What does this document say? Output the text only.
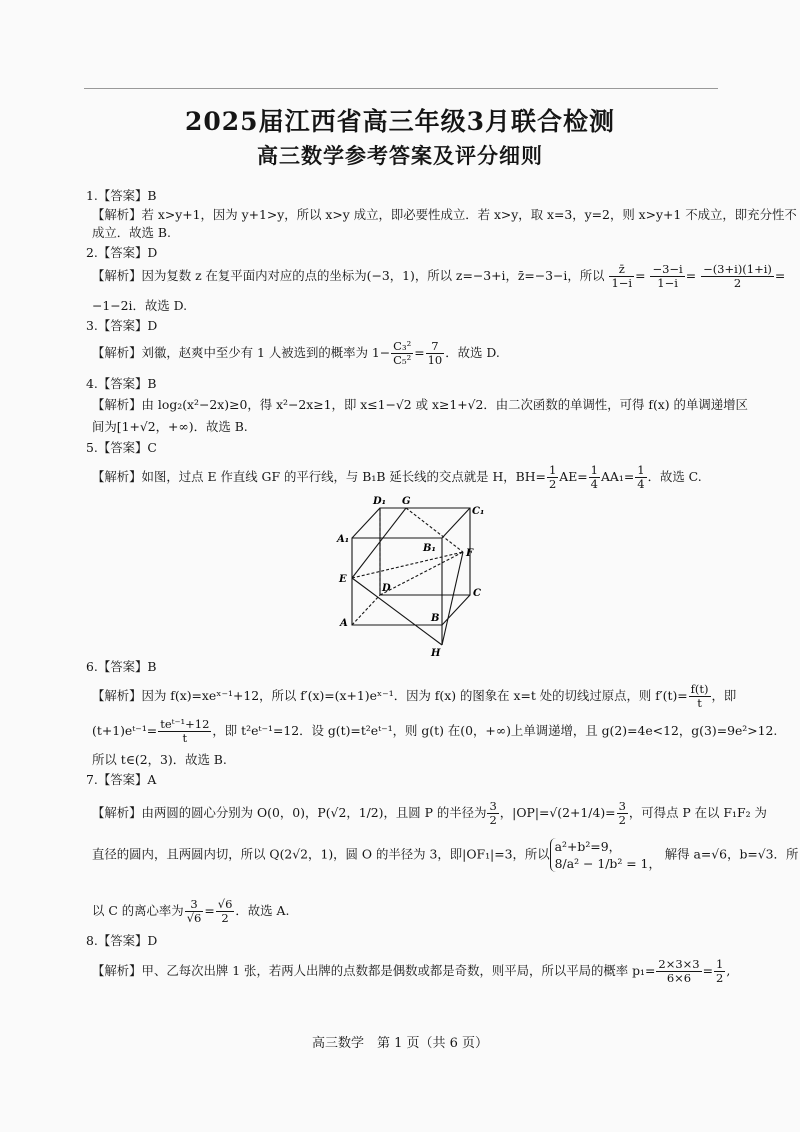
2025届江西省高三年级3月联合检测
高三数学参考答案及评分细则
1.【答案】B
【解析】若 x>y+1，因为 y+1>y，所以 x>y 成立，即必要性成立．若 x>y，取 x=3，y=2，则 x>y+1 不成立，即充分性不
成立．故选 B.
2.【答案】D
【解析】因为复数 z 在复平面内对应的点的坐标为(−3，1)，所以 z=−3+i，z̄=−3−i，所以 $\frac{z̄}{1-i} = \frac{-3-i}{1-i} = \frac{-(3+i)(1+i)}{2}$ =
−1−2i．故选 D.
3.【答案】D
【解析】刘徽，赵爽中至少有 1 人被选到的概率为 $1- \frac{\text{C₃²}}{\text{C₅²}} = \frac{7}{10}$ ．故选 D.
4.【答案】B
【解析】由 log₂(x²−2x)≥0，得 x²−2x≥1，即 x≤1−√2 或 x≥1+√2．由二次函数的单调性，可得 f(x) 的单调递增区
间为[1+√2，+∞)．故选 B.
5.【答案】C
【解析】如图，过点 E 作直线 GF 的平行线，与 B₁B 延长线的交点就是 H，$BH= \frac{1}{2} AE= \frac{1}{4} AA_1= \frac{1}{4}$ ．故选 C.
D₁ G
C₁
A₁
B₁	F
E
D	C
A	B
H
6.【答案】B
【解析】因为 f(x)=xeˣ⁻¹+12，所以 f′(x)=(x+1)eˣ⁻¹．因为 f(x) 的图象在 x=t 处的切线过原点，则 $f'(t)= \frac{f(t)}{t}$ ，即
(t+1)eᵗ⁻¹= $\frac{\text{teᵗ⁻¹+12}}{t}$ ，即 t²eᵗ⁻¹=12．设 g(t)=t²eᵗ⁻¹，则 g(t) 在(0，+∞)上单调递增，且 g(2)=4e<12，g(3)=9e²>12.
所以 t∈(2，3)．故选 B.
7.【答案】A
【解析】由两圆的圆心分别为 O(0，0)，P(√2，1/2)，且圆 P 的半径为 $\frac{3}{2}$ ，$|OP|=√(2+1/4)= \frac{3}{2}$ ，可得点 P 在以 F₁F₂ 为
直径的圆内，且两圆内切，所以 Q(2√2，1)，圆 O 的半径为 3，即|OF₁|=3，所以 a²+b²=9，
8/a² − 1/b² = 1， 解得 a=√6，b=√3．所
以 C 的离心率为 $\frac{3}{√6} = \frac{√6}{2}$ ．故选 A.
8.【答案】D
【解析】甲、乙每次出牌 1 张，若两人出牌的点数都是偶数或都是奇数，则平局，所以平局的概率 $p_1= \frac{2\times 3\times 3}{6\times 6} = \frac{1}{2}$ ,
高三数学　第 1 页（共 6 页）
